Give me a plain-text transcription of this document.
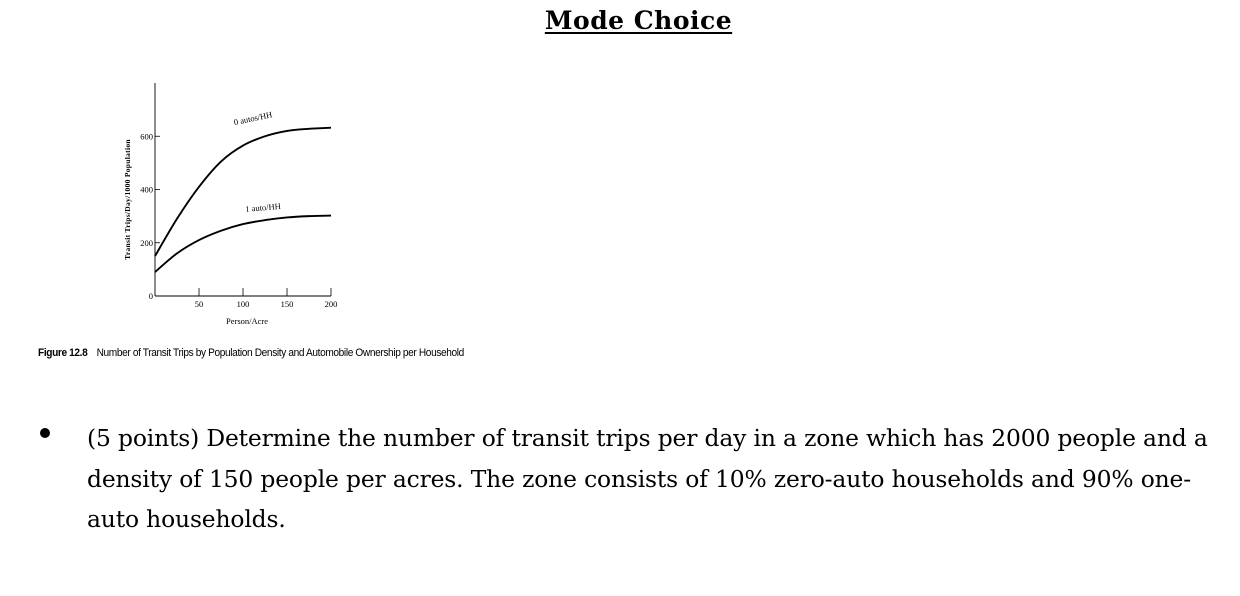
Mode Choice
0
200
400
600
50	100	150	200
Person/Acre
Transit Trips/Day/1000 Population
0 autos/HH
1 auto/HH
Figure 12.8 Number of Transit Trips by Population Density and Automobile Ownership per Household
(5 points) Determine the number of transit trips per day in a zone which has 2000 people and a density of 150 people per acres. The zone consists of 10% zero-auto households and 90% one-auto households.
